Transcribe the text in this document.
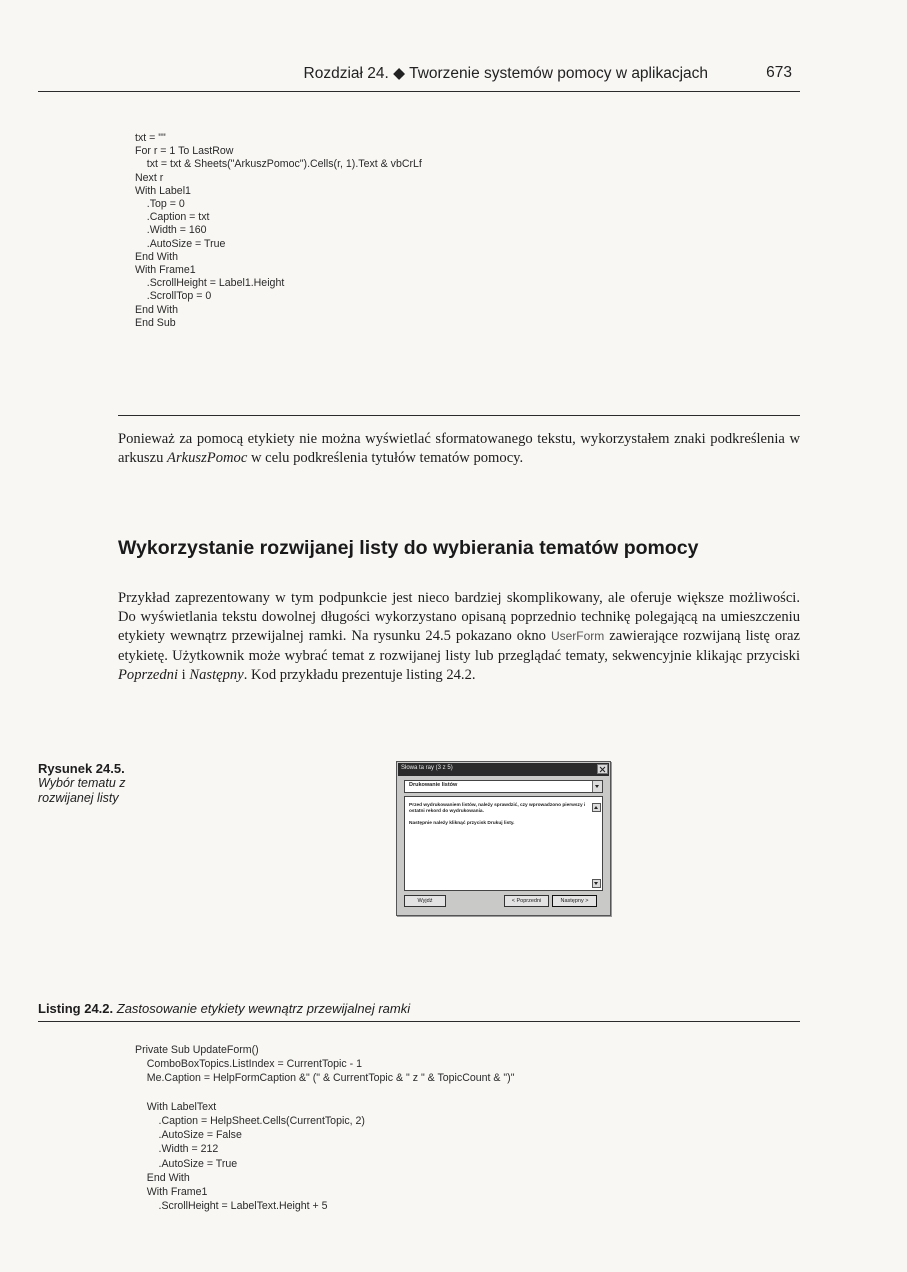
Rozdział 24. ◆ Tworzenie systemów pomocy w aplikacjach	673
txt = ""
For r = 1 To LastRow
txt = txt & Sheets("ArkuszPomoc").Cells(r, 1).Text & vbCrLf
Next r
With Label1
.Top = 0
.Caption = txt
.Width = 160
.AutoSize = True
End With
With Frame1
.ScrollHeight = Label1.Height
.ScrollTop = 0
End With
End Sub

Ponieważ za pomocą etykiety nie można wyświetlać sformatowanego tekstu, wykorzystałem znaki podkreślenia w arkuszu ArkuszPomoc w celu podkreślenia tytułów tematów pomocy.

Wykorzystanie rozwijanej listy do wybierania tematów pomocy

Przykład zaprezentowany w tym podpunkcie jest nieco bardziej skomplikowany, ale oferuje większe możliwości. Do wyświetlania tekstu dowolnej długości wykorzystano opisaną poprzednio technikę polegającą na umieszczeniu etykiety wewnątrz przewijalnej ramki. Na rysunku 24.5 pokazano okno UserForm zawierające rozwijaną listę oraz etykietę. Użytkownik może wybrać temat z rozwijanej listy lub przeglądać tematy, sekwencyjnie klikając przyciski Poprzedni i Następny. Kod przykładu prezentuje listing 24.2.

Rysunek 24.5.
Wybór tematu z rozwijanej listy
Słowa ta ray (3 z 5)
Drukowanie listów

Przed wydrukowaniem listów, należy sprawdzić, czy wprowadzono pierwszy i ostatni rekord do wydrukowania.

Następnie należy kliknąć przycisk Drukuj listy.

Wyjdź	< Poprzedni	Następny >
Listing 24.2. Zastosowanie etykiety wewnątrz przewijalnej ramki
Private Sub UpdateForm()
ComboBoxTopics.ListIndex = CurrentTopic - 1
Me.Caption = HelpFormCaption &" (" & CurrentTopic & " z " & TopicCount & ")"

With LabelText
.Caption = HelpSheet.Cells(CurrentTopic, 2)
.AutoSize = False
.Width = 212
.AutoSize = True
End With
With Frame1
.ScrollHeight = LabelText.Height + 5
